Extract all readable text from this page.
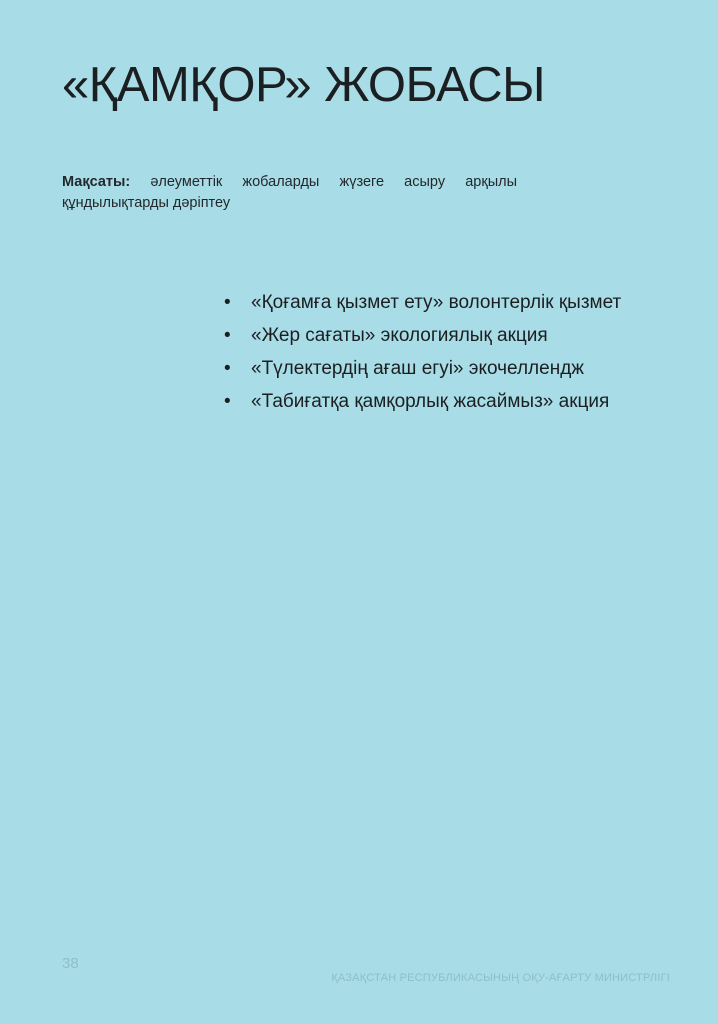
«ҚАМҚОР» ЖОБАСЫ

Мақсаты: әлеуметтік жобаларды жүзеге асыру арқылы құндылықтарды дәріптеу

• «Қоғамға қызмет ету» волонтерлік қызмет
• «Жер сағаты» экологиялық акция
• «Түлектердің ағаш егуі» экочеллендж
• «Табиғатқа қамқорлық жасаймыз» акция
38
ҚАЗАҚСТАН РЕСПУБЛИКАСЫНЫҢ ОҚУ-АҒАРТУ МИНИСТРЛІГІ
